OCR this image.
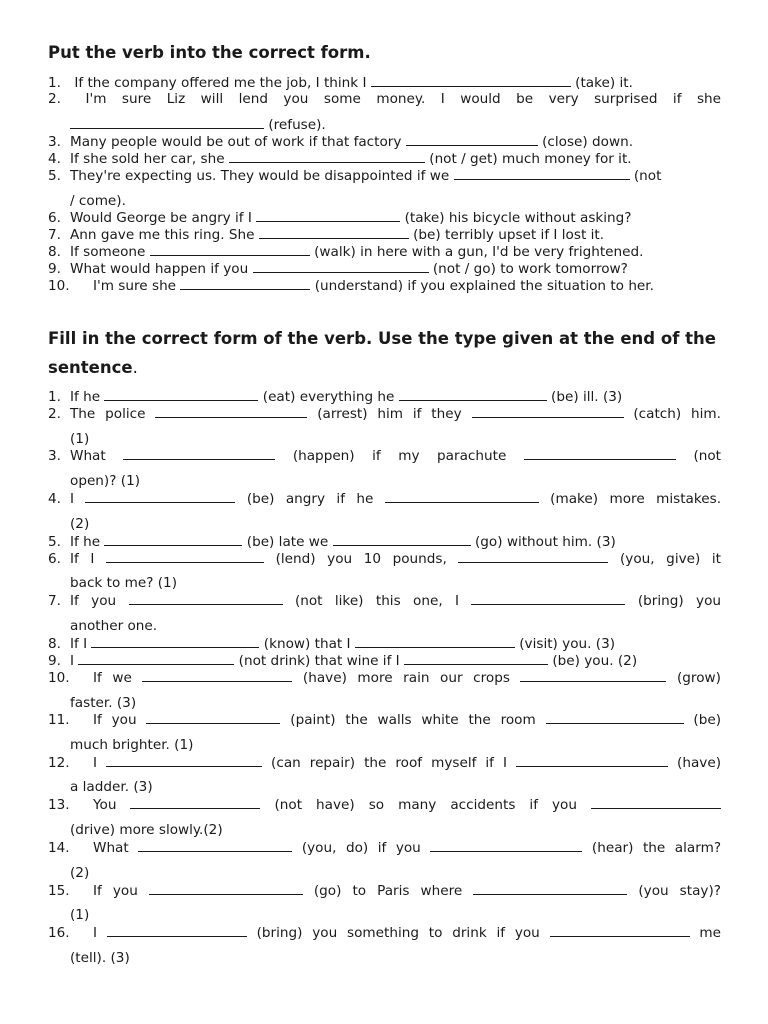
Put the verb into the correct form.
1. If the company offered me the job, I think I	(take) it.
2. I'm sure Liz will lend you some money. I would be very surprised if she
(refuse).
3. Many people would be out of work if that factory	(close) down.
4. If she sold her car, she	(not / get) much money for it.
5. They're expecting us. They would be disappointed if we	(not
/ come).
6. Would George be angry if I	(take) his bicycle without asking?
7. Ann gave me this ring. She	(be) terribly upset if I lost it.
8. If someone	(walk) in here with a gun, I'd be very frightened.
9. What would happen if you	(not / go) to work tomorrow?
10. I'm sure she	(understand) if you explained the situation to her.
Fill in the correct form of the verb. Use the type given at the end of the sentence.
1. If he	(eat) everything he	(be) ill. (3)
2. The police	(arrest) him if they	(catch) him.
(1)
3. What	(happen) if my parachute	(not
open)? (1)
4. I	(be) angry if he	(make) more mistakes.
(2)
5. If he	(be) late we	(go) without him. (3)
6. If I	(lend) you 10 pounds,	(you, give) it
back to me? (1)
7. If you	(not like) this one, I	(bring) you
another one.
8. If I	(know) that I	(visit) you. (3)
9. I	(not drink) that wine if I	(be) you. (2)
10. If we	(have) more rain our crops	(grow)
faster. (3)
11. If you	(paint) the walls white the room	(be)
much brighter. (1)
12. I	(can repair) the roof myself if I	(have)
a ladder. (3)
13. You	(not have) so many accidents if you
(drive) more slowly.(2)
14. What	(you, do) if you	(hear) the alarm?
(2)
15. If you	(go) to Paris where	(you stay)?
(1)
16. I	(bring) you something to drink if you	me
(tell). (3)
